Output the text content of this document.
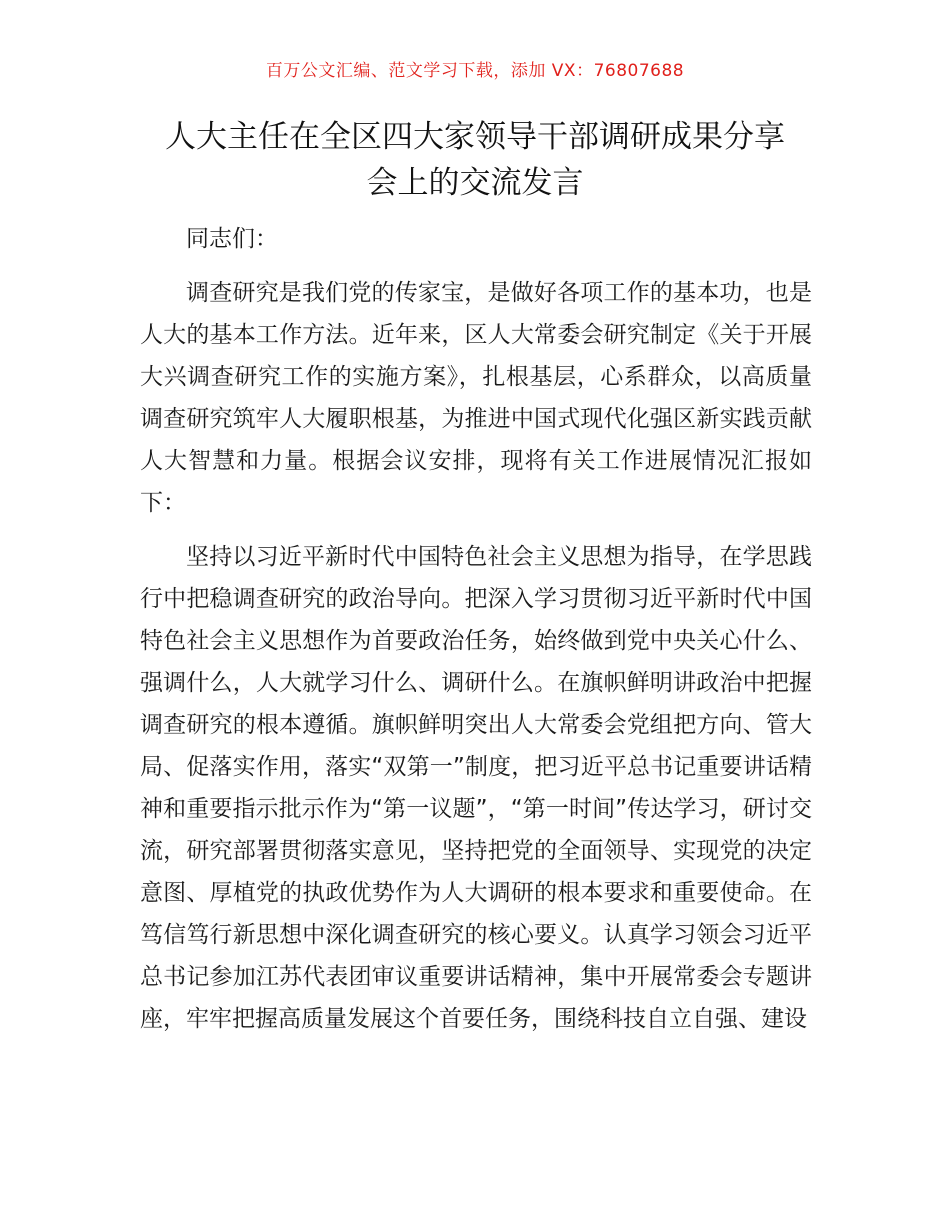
百万公文汇编、范文学习下载，添加 VX：76807688
人大主任在全区四大家领导干部调研成果分享
会上的交流发言

同志们：

调查研究是我们党的传家宝，是做好各项工作的基本功，也是人大的基本工作方法。近年来，区人大常委会研究制定《关于开展大兴调查研究工作的实施方案》，扎根基层，心系群众，以高质量调查研究筑牢人大履职根基，为推进中国式现代化强区新实践贡献人大智慧和力量。根据会议安排，现将有关工作进展情况汇报如下：

坚持以习近平新时代中国特色社会主义思想为指导，在学思践行中把稳调查研究的政治导向。把深入学习贯彻习近平新时代中国特色社会主义思想作为首要政治任务，始终做到党中央关心什么、强调什么，人大就学习什么、调研什么。在旗帜鲜明讲政治中把握调查研究的根本遵循。旗帜鲜明突出人大常委会党组把方向、管大局、促落实作用，落实“双第一”制度，把习近平总书记重要讲话精神和重要指示批示作为“第一议题”，“第一时间”传达学习，研讨交流，研究部署贯彻落实意见，坚持把党的全面领导、实现党的决定意图、厚植党的执政优势作为人大调研的根本要求和重要使命。在笃信笃行新思想中深化调查研究的核心要义。认真学习领会习近平总书记参加江苏代表团审议重要讲话精神，集中开展常委会专题讲座，牢牢把握高质量发展这个首要任务，围绕科技自立自强、建设
